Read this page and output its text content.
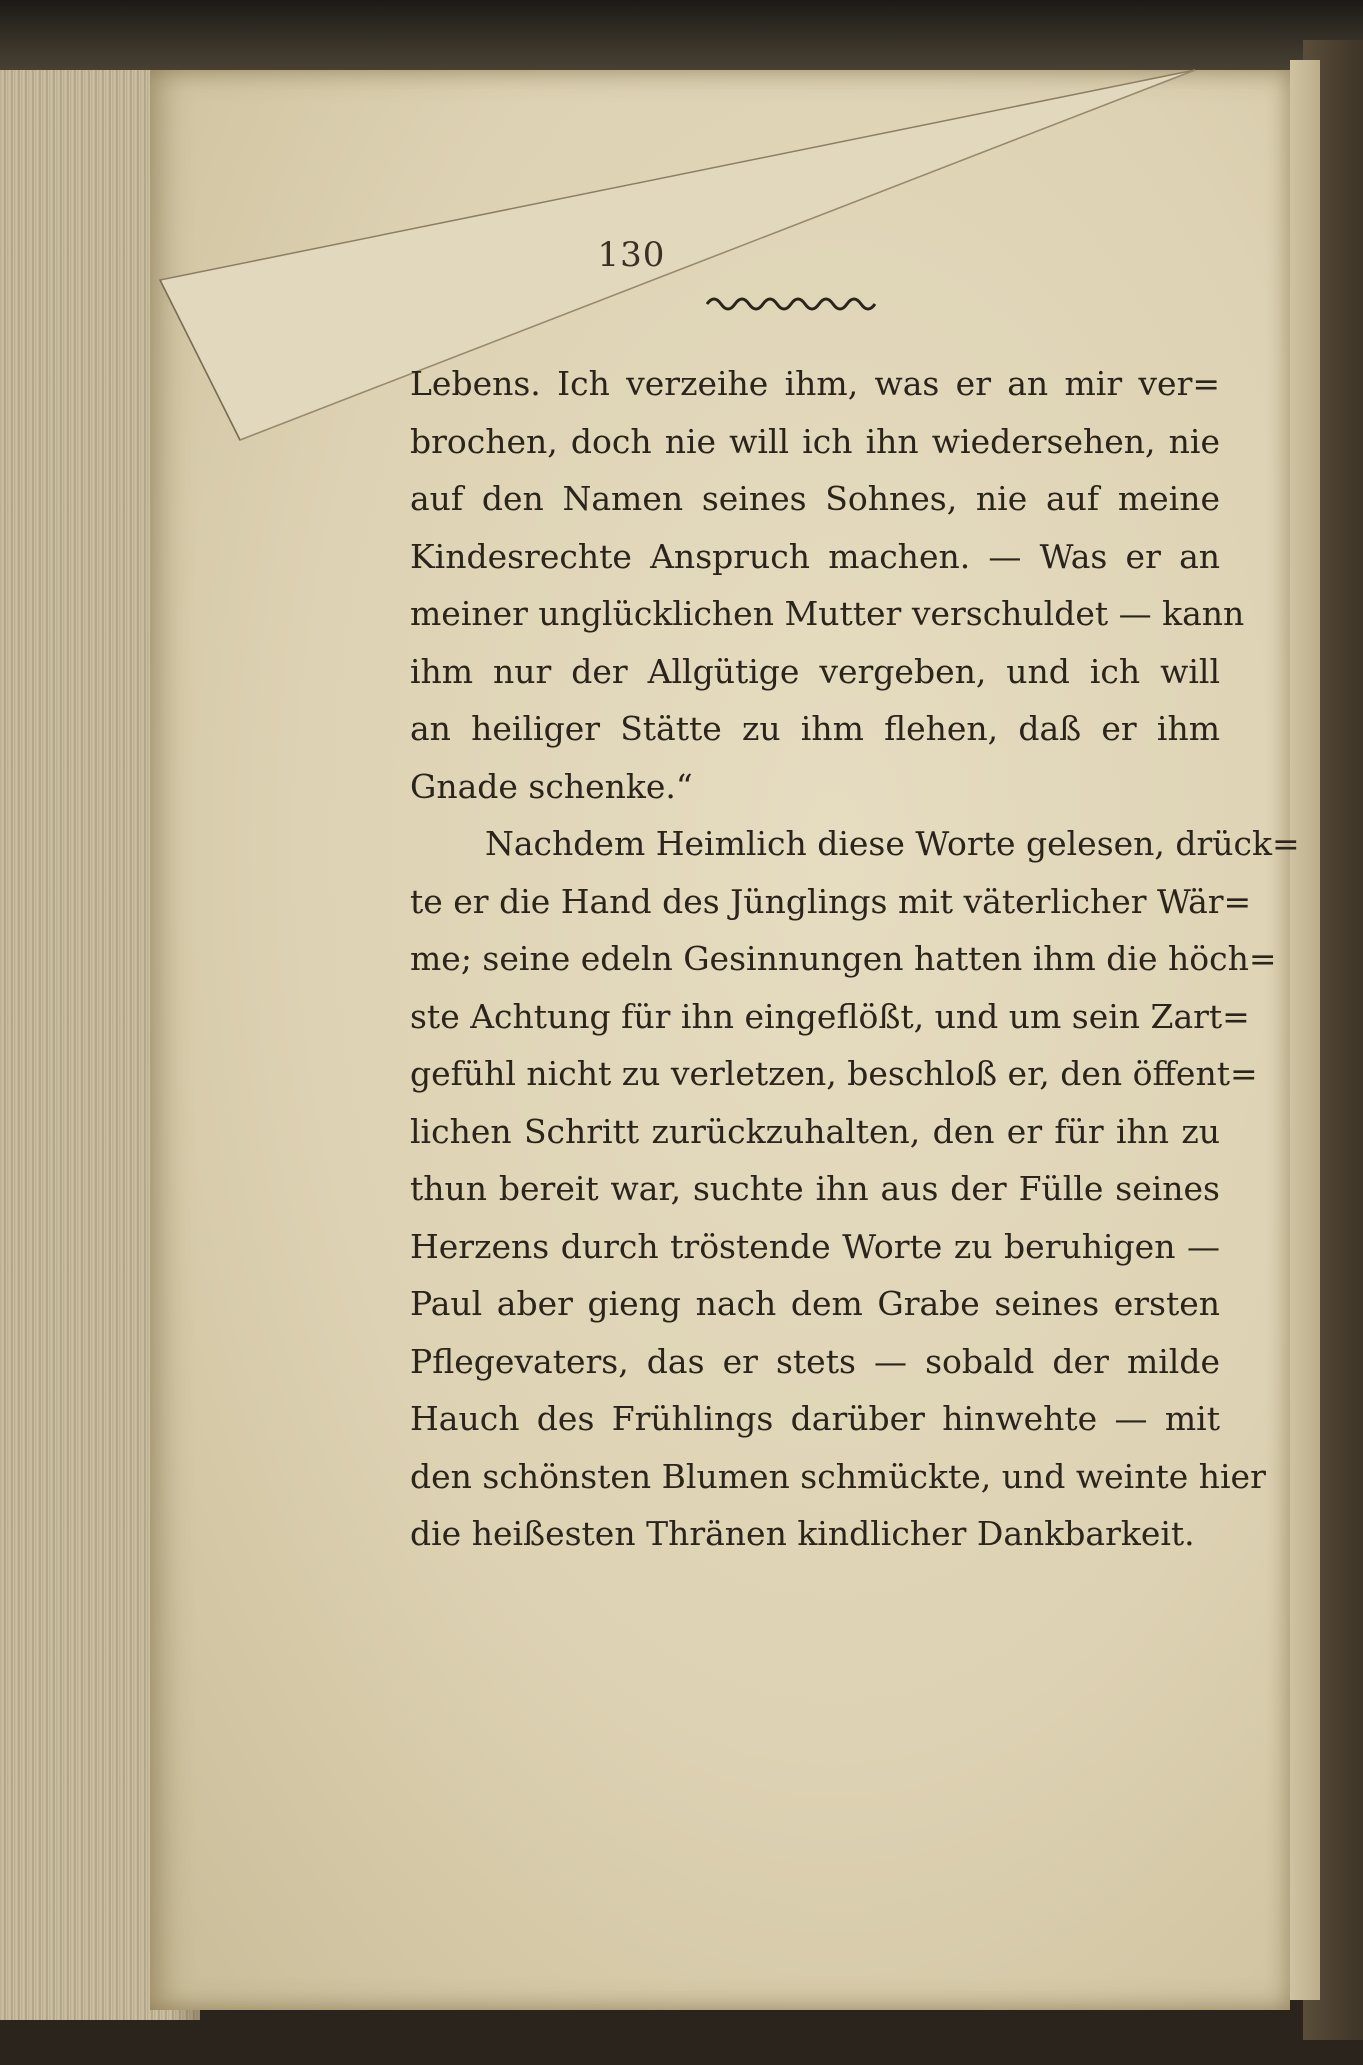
130
Lebens. Ich verzeihe ihm, was er an mir ver=
brochen, doch nie will ich ihn wiedersehen, nie
auf den Namen seines Sohnes, nie auf meine
Kindesrechte Anspruch machen. — Was er an
meiner unglücklichen Mutter verschuldet — kann
ihm nur der Allgütige vergeben, und ich will
an heiliger Stätte zu ihm flehen, daß er ihm
Gnade schenke.“
Nachdem Heimlich diese Worte gelesen, drück=
te er die Hand des Jünglings mit väterlicher Wär=
me; seine edeln Gesinnungen hatten ihm die höch=
ste Achtung für ihn eingeflößt, und um sein Zart=
gefühl nicht zu verletzen, beschloß er, den öffent=
lichen Schritt zurückzuhalten, den er für ihn zu
thun bereit war, suchte ihn aus der Fülle seines
Herzens durch tröstende Worte zu beruhigen —
Paul aber gieng nach dem Grabe seines ersten
Pflegevaters, das er stets — sobald der milde
Hauch des Frühlings darüber hinwehte — mit
den schönsten Blumen schmückte, und weinte hier
die heißesten Thränen kindlicher Dankbarkeit.
